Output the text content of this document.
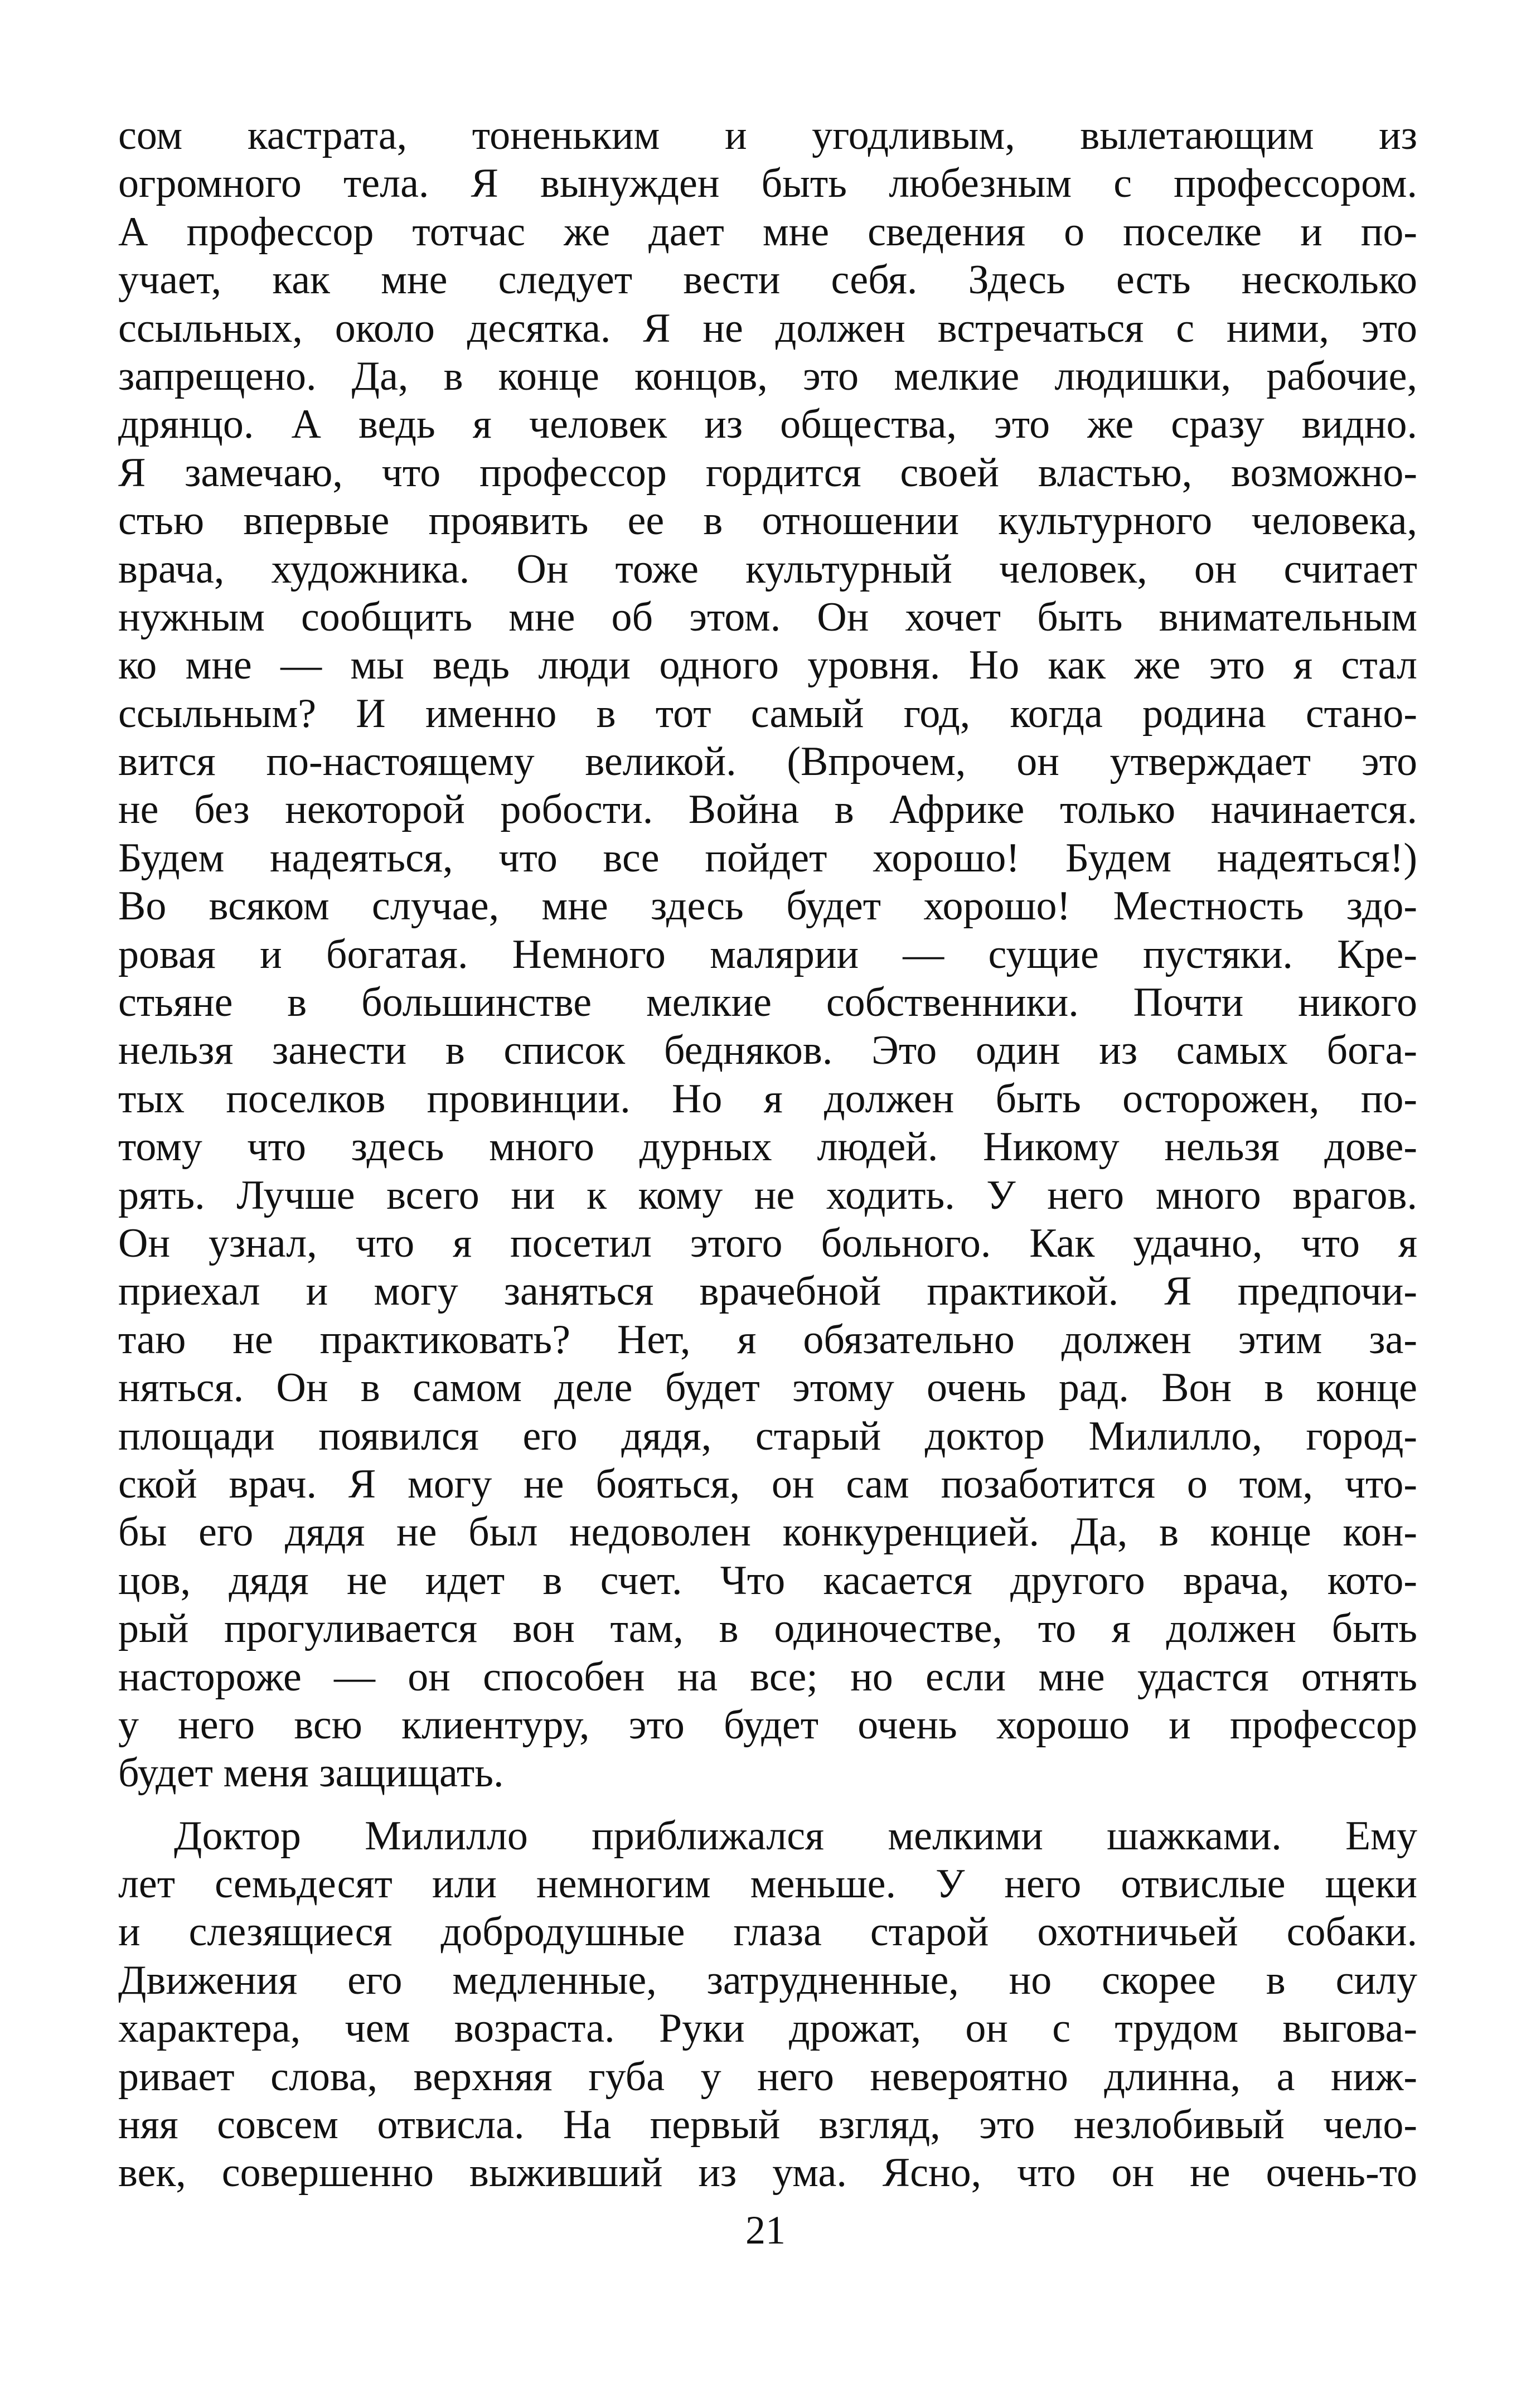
сом кастрата, тоненьким и угодливым, вылетающим из
огромного тела. Я вынужден быть любезным с профессором.
А профессор тотчас же дает мне сведения о поселке и по-
учает, как мне следует вести себя. Здесь есть несколько
ссыльных, около десятка. Я не должен встречаться с ними, это
запрещено. Да, в конце концов, это мелкие людишки, рабочие,
дрянцо. А ведь я человек из общества, это же сразу видно.
Я замечаю, что профессор гордится своей властью, возможно-
стью впервые проявить ее в отношении культурного человека,
врача, художника. Он тоже культурный человек, он считает
нужным сообщить мне об этом. Он хочет быть внимательным
ко мне — мы ведь люди одного уровня. Но как же это я стал
ссыльным? И именно в тот самый год, когда родина стано-
вится по-настоящему великой. (Впрочем, он утверждает это
не без некоторой робости. Война в Африке только начинается.
Будем надеяться, что все пойдет хорошо! Будем надеяться!)
Во всяком случае, мне здесь будет хорошо! Местность здо-
ровая и богатая. Немного малярии — сущие пустяки. Кре-
стьяне в большинстве мелкие собственники. Почти никого
нельзя занести в список бедняков. Это один из самых бога-
тых поселков провинции. Но я должен быть осторожен, по-
тому что здесь много дурных людей. Никому нельзя дове-
рять. Лучше всего ни к кому не ходить. У него много врагов.
Он узнал, что я посетил этого больного. Как удачно, что я
приехал и могу заняться врачебной практикой. Я предпочи-
таю не практиковать? Нет, я обязательно должен этим за-
няться. Он в самом деле будет этому очень рад. Вон в конце
площади появился его дядя, старый доктор Милилло, город-
ской врач. Я могу не бояться, он сам позаботится о том, что-
бы его дядя не был недоволен конкуренцией. Да, в конце кон-
цов, дядя не идет в счет. Что касается другого врача, кото-
рый прогуливается вон там, в одиночестве, то я должен быть
настороже — он способен на все; но если мне удастся отнять
у него всю клиентуру, это будет очень хорошо и профессор
будет меня защищать.
Доктор Милилло приближался мелкими шажками. Ему
лет семьдесят или немногим меньше. У него отвислые щеки
и слезящиеся добродушные глаза старой охотничьей собаки.
Движения его медленные, затрудненные, но скорее в силу
характера, чем возраста. Руки дрожат, он с трудом выгова-
ривает слова, верхняя губа у него невероятно длинна, а ниж-
няя совсем отвисла. На первый взгляд, это незлобивый чело-
век, совершенно выживший из ума. Ясно, что он не очень-то
21
